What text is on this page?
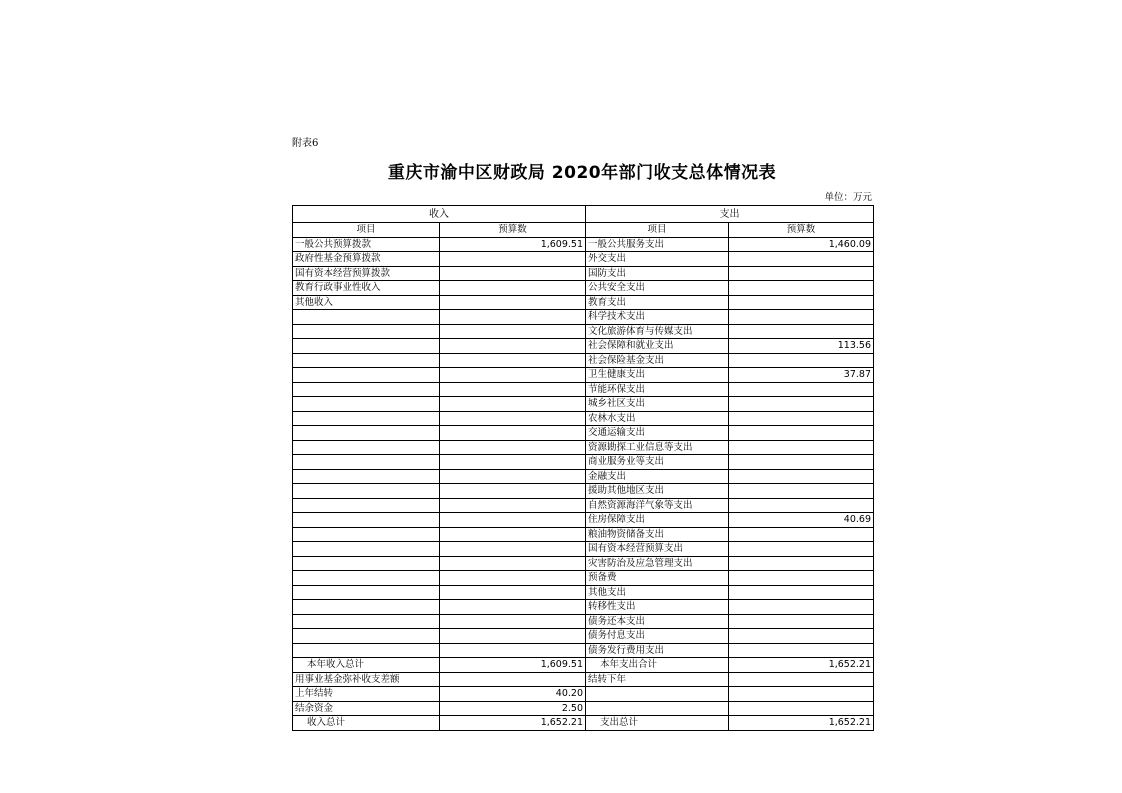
附表6
重庆市渝中区财政局 2020年部门收支总体情况表
单位：万元
收入		支出	
项目	预算数	项目	预算数
一般公共预算拨款	1,609.51	一般公共服务支出	1,460.09
政府性基金预算拨款		外交支出	
国有资本经营预算拨款		国防支出	
教育行政事业性收入		公共安全支出	
其他收入		教育支出	
		科学技术支出	
		文化旅游体育与传媒支出	
		社会保障和就业支出	113.56
		社会保险基金支出	
		卫生健康支出	37.87
		节能环保支出	
		城乡社区支出	
		农林水支出	
		交通运输支出	
		资源勘探工业信息等支出	
		商业服务业等支出	
		金融支出	
		援助其他地区支出	
		自然资源海洋气象等支出	
		住房保障支出	40.69
		粮油物资储备支出	
		国有资本经营预算支出	
		灾害防治及应急管理支出	
		预备费	
		其他支出	
		转移性支出	
		债务还本支出	
		债务付息支出	
		债务发行费用支出	
本年收入总计	1,609.51	本年支出合计	1,652.21
用事业基金弥补收支差额		结转下年	
上年结转	40.20		
结余资金	2.50		
收入总计	1,652.21	支出总计	1,652.21
